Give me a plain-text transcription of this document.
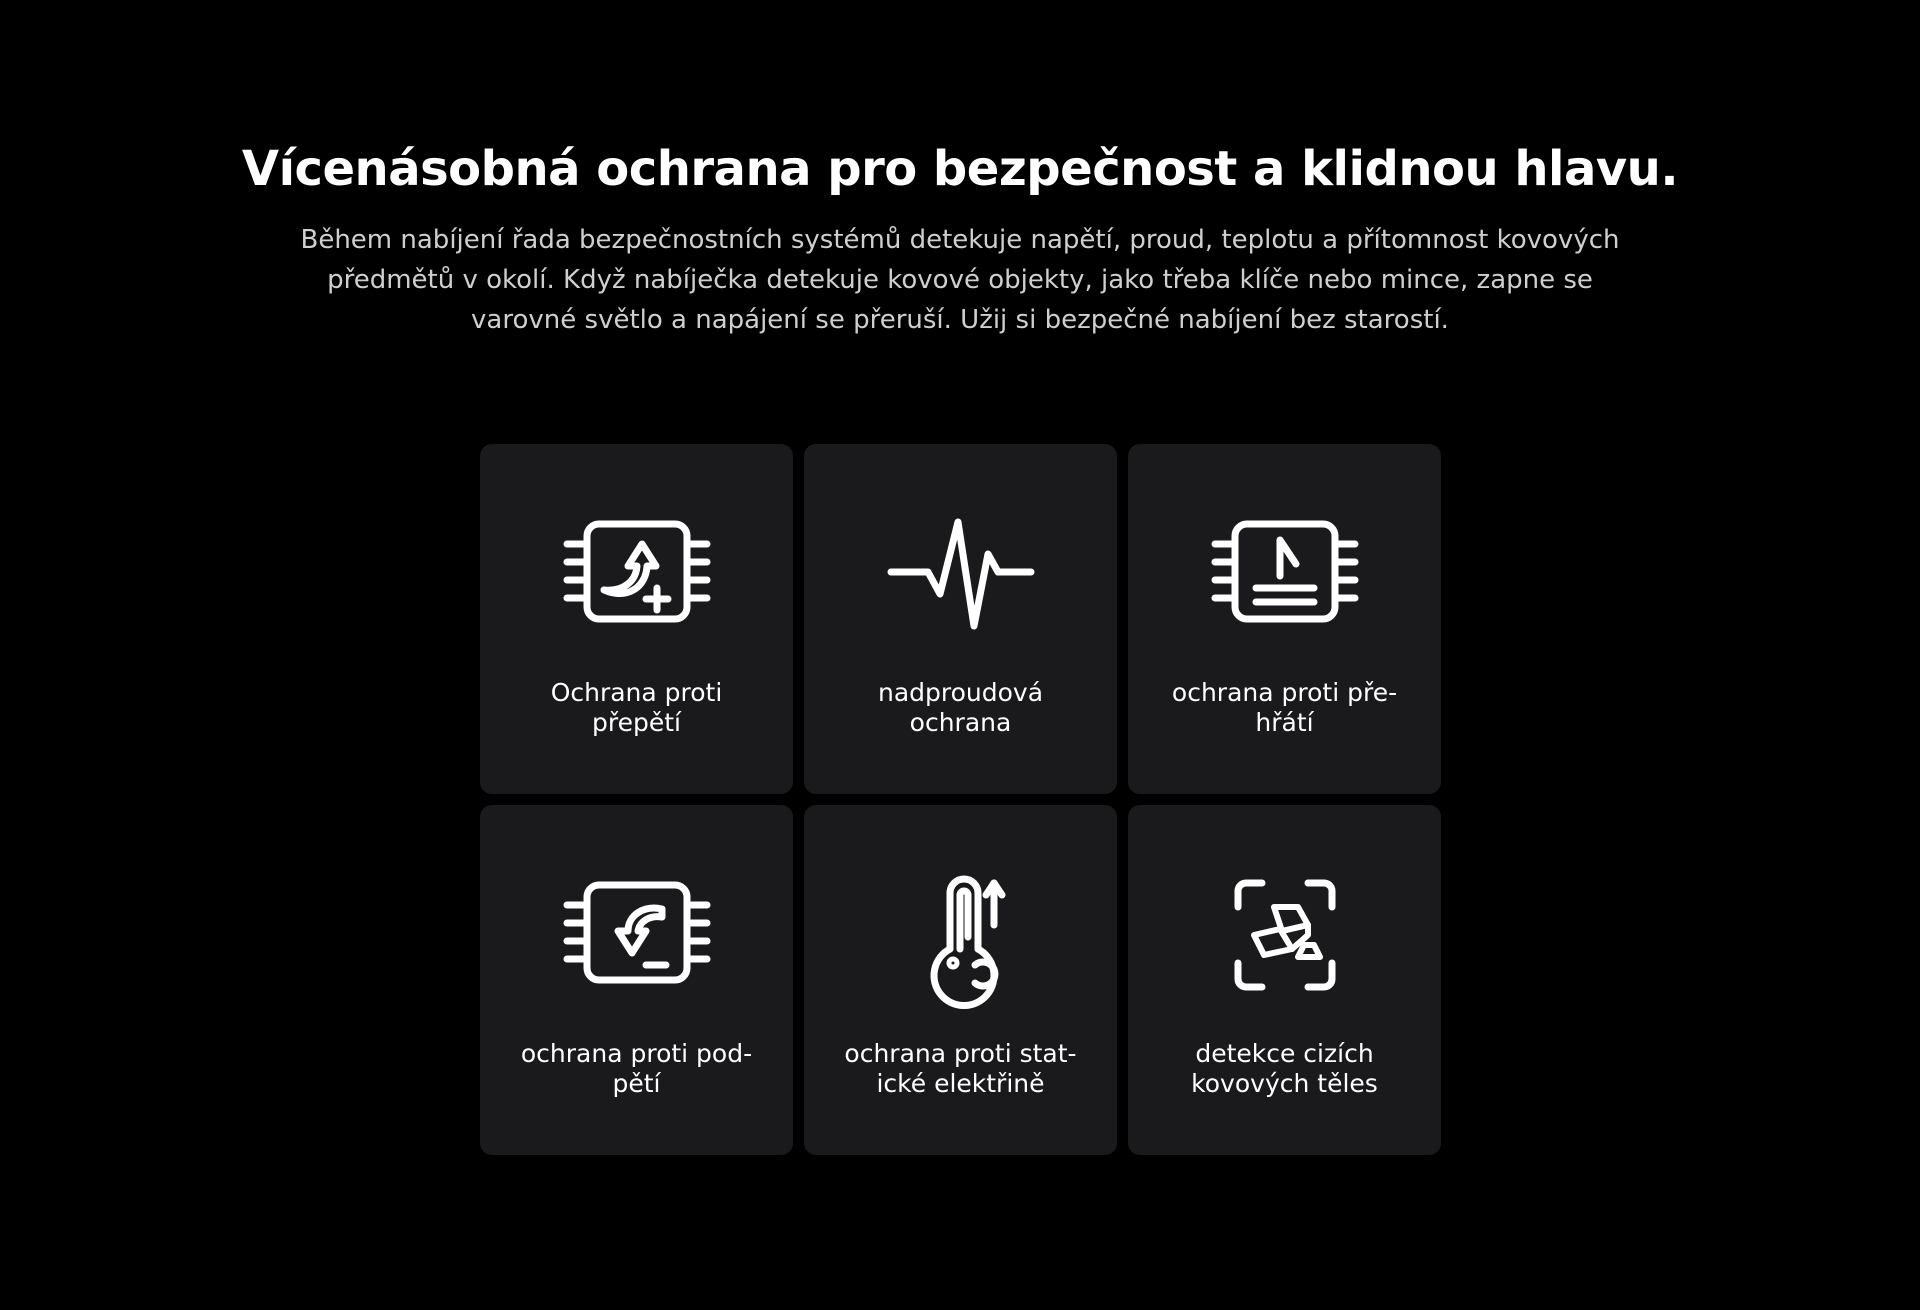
Vícenásobná ochrana pro bezpečnost a klidnou hlavu.

Během nabíjení řada bezpečnostních systémů detekuje napětí, proud, teplotu a přítomnost kovových předmětů v okolí. Když nabíječka detekuje kovové objekty, jako třeba klíče nebo mince, zapne se varovné světlo a napájení se přeruší. Užij si bezpečné nabíjení bez starostí.

Ochrana proti
přepětí
nadproudová
ochrana
ochrana proti pře-
hřátí
ochrana proti pod-
pětí
ochrana proti stat-
ické elektřině
detekce cizích
kovových těles
